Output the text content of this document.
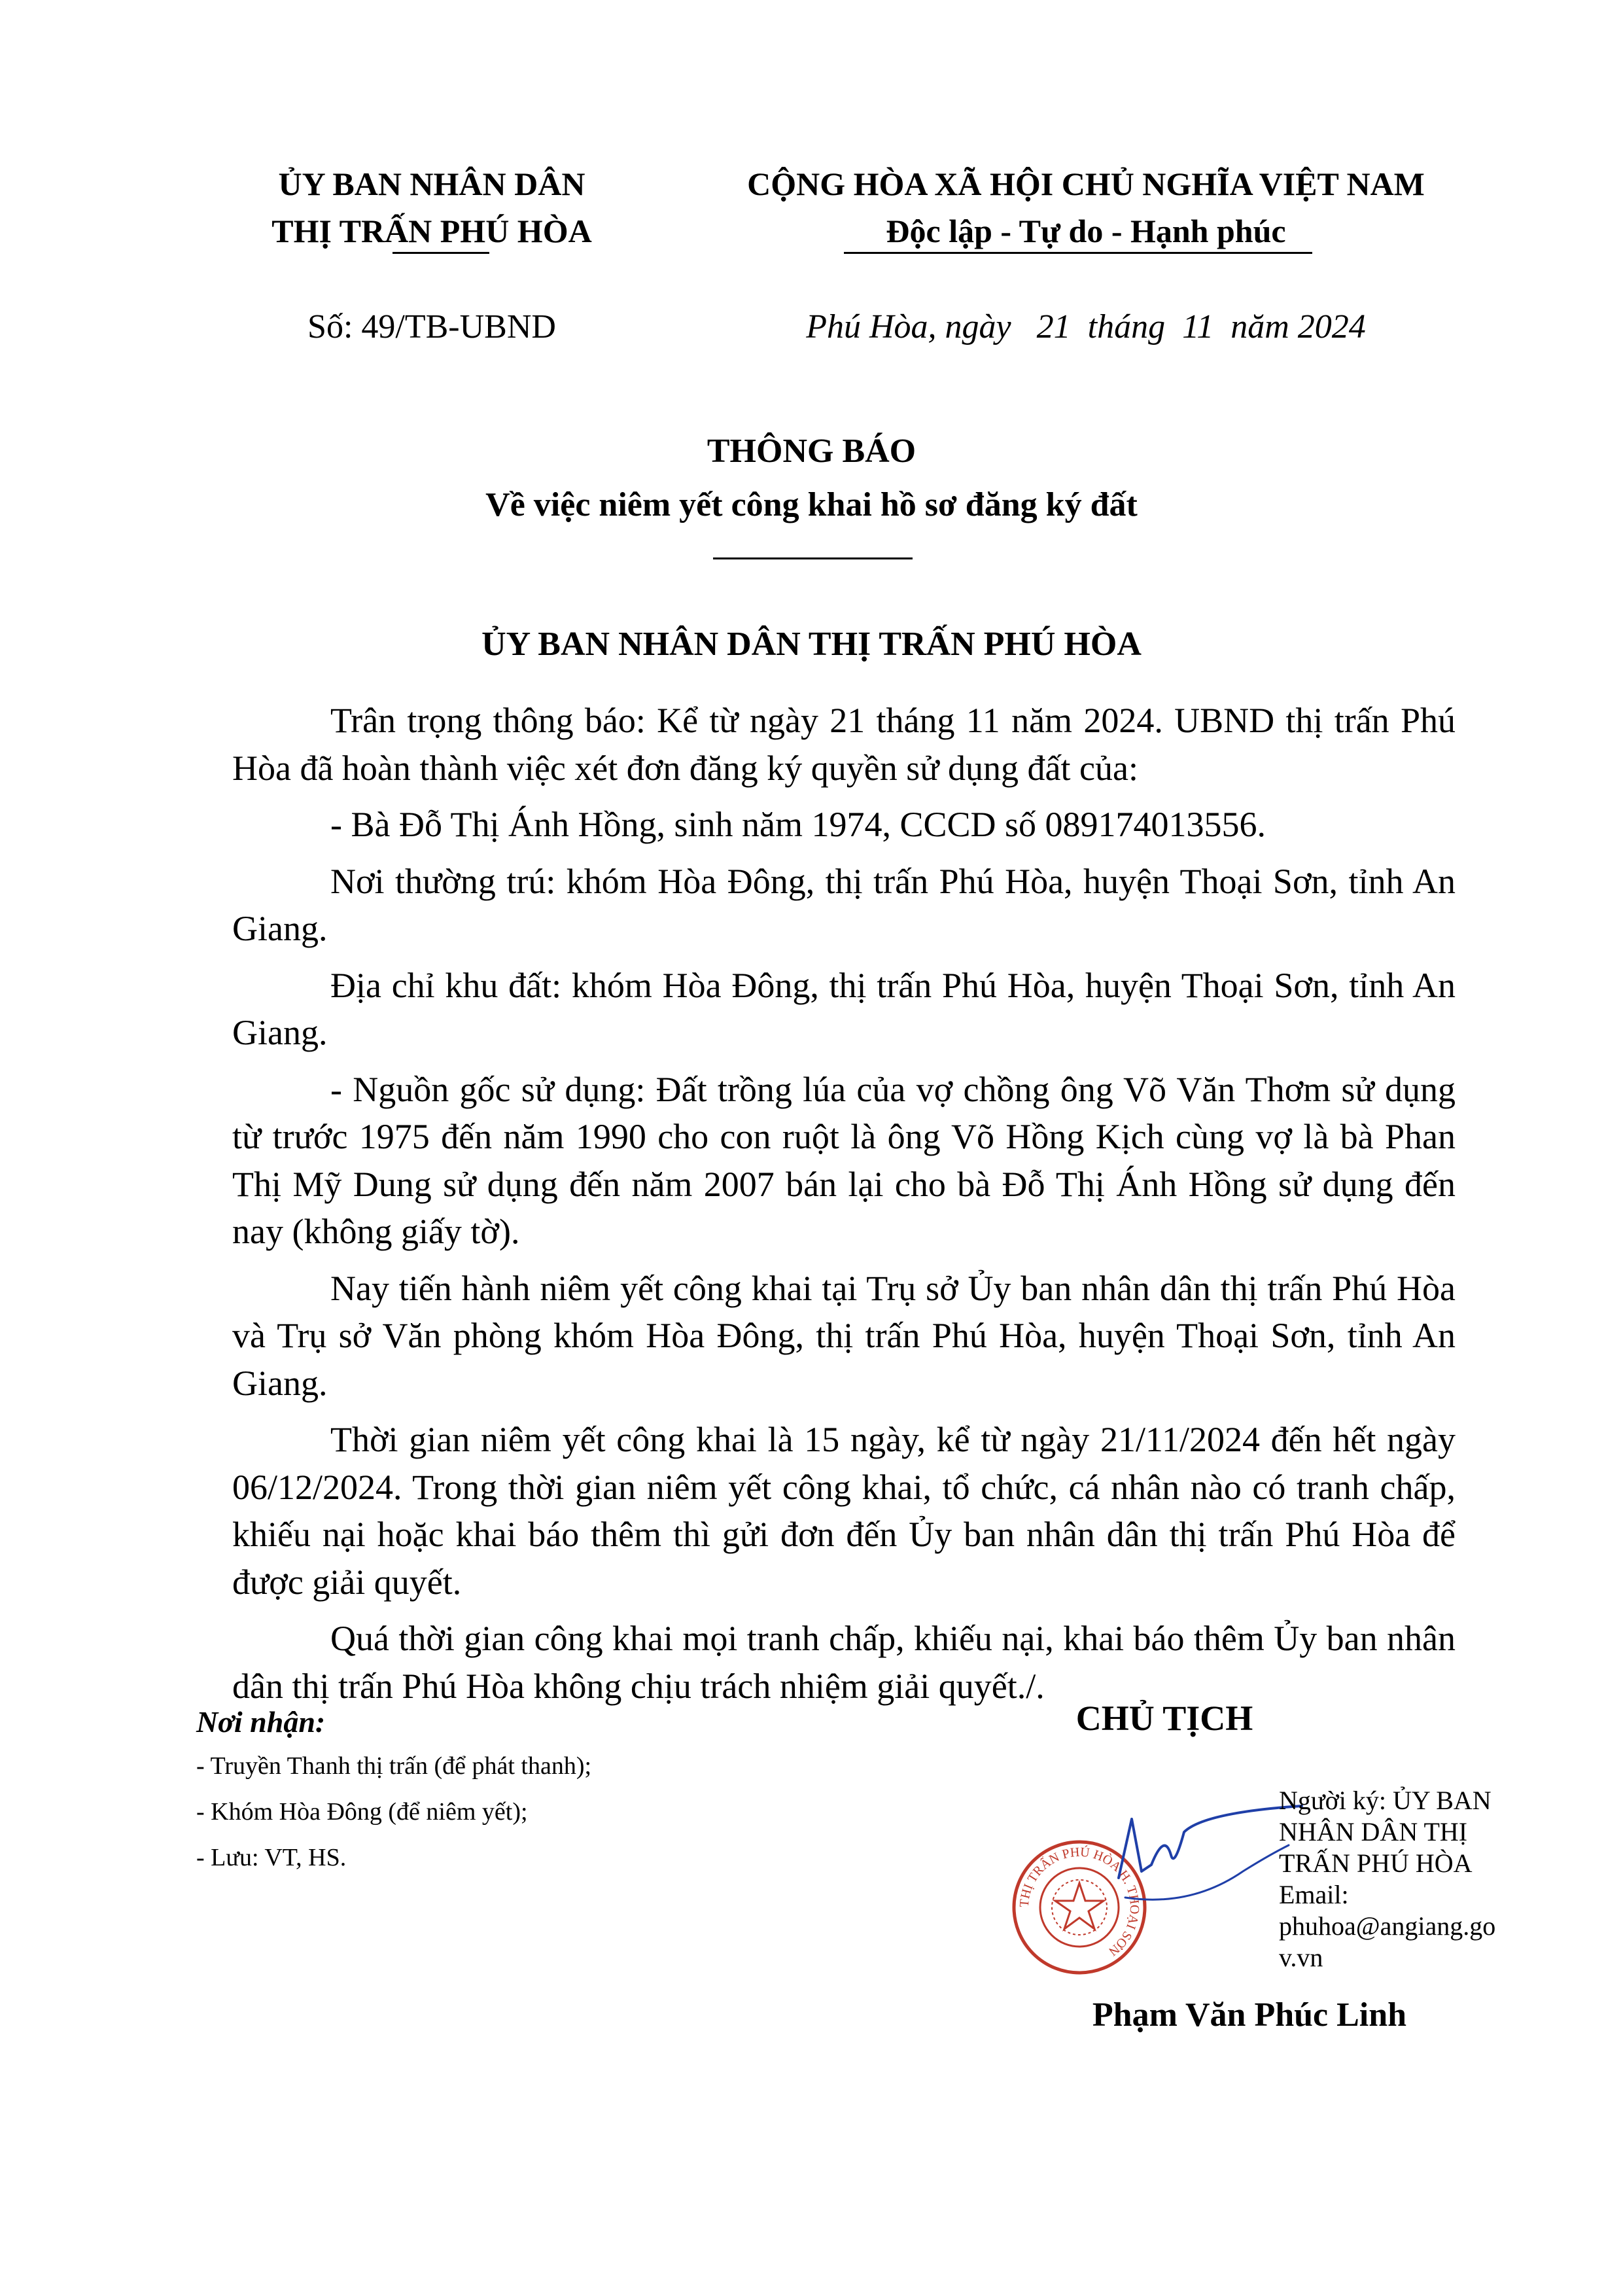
ỦY BAN NHÂN DÂN
THỊ TRẤN PHÚ HÒA
CỘNG HÒA XÃ HỘI CHỦ NGHĨA VIỆT NAM
Độc lập - Tự do - Hạnh phúc
Số: 49/TB-UBND	Phú Hòa, ngày   21  tháng  11  năm 2024
THÔNG BÁO
Về việc niêm yết công khai hồ sơ đăng ký đất
ỦY BAN NHÂN DÂN THỊ TRẤN PHÚ HÒA

Trân trọng thông báo: Kể từ ngày 21 tháng 11 năm 2024. UBND thị trấn Phú Hòa đã hoàn thành việc xét đơn đăng ký quyền sử dụng đất của:

- Bà Đỗ Thị Ánh Hồng, sinh năm 1974, CCCD số 089174013556.

Nơi thường trú: khóm Hòa Đông, thị trấn Phú Hòa, huyện Thoại Sơn, tỉnh An Giang.

Địa chỉ khu đất: khóm Hòa Đông, thị trấn Phú Hòa, huyện Thoại Sơn, tỉnh An Giang.

- Nguồn gốc sử dụng: Đất trồng lúa của vợ chồng ông Võ Văn Thơm sử dụng từ trước 1975 đến năm 1990 cho con ruột là ông Võ Hồng Kịch cùng vợ là bà Phan Thị Mỹ Dung sử dụng đến năm 2007 bán lại cho bà Đỗ Thị Ánh Hồng sử dụng đến nay (không giấy tờ).

Nay tiến hành niêm yết công khai tại Trụ sở Ủy ban nhân dân thị trấn Phú Hòa và Trụ sở Văn phòng khóm Hòa Đông, thị trấn Phú Hòa, huyện Thoại Sơn, tỉnh An Giang.

Thời gian niêm yết công khai là 15 ngày, kể từ ngày 21/11/2024 đến hết ngày 06/12/2024. Trong thời gian niêm yết công khai, tổ chức, cá nhân nào có tranh chấp, khiếu nại hoặc khai báo thêm thì gửi đơn đến Ủy ban nhân dân thị trấn Phú Hòa để được giải quyết.

Quá thời gian công khai mọi tranh chấp, khiếu nại, khai báo thêm Ủy ban nhân dân thị trấn Phú Hòa không chịu trách nhiệm giải quyết./.

Nơi nhận:
- Truyền Thanh thị trấn (để phát thanh);
- Khóm Hòa Đông (để niêm yết);
- Lưu: VT, HS.
CHỦ TỊCH
THỊ TRẤN PHÚ HÒA H. THOẠI SƠN
Người ký: ỦY BAN
NHÂN DÂN THỊ
TRẤN PHÚ HÒA
Email:
phuhoa@angiang.go
v.vn
Phạm Văn Phúc Linh
